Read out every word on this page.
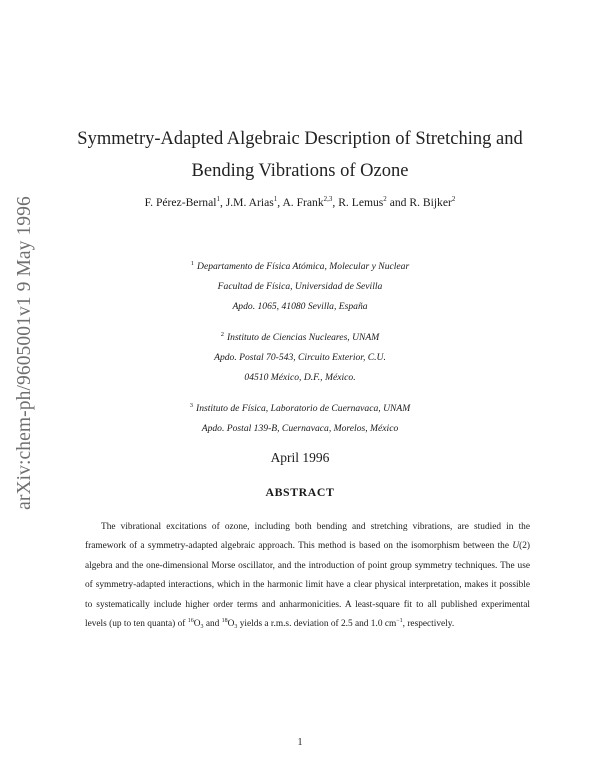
arXiv:chem-ph/9605001v1 9 May 1996
Symmetry-Adapted Algebraic Description of Stretching and
Bending Vibrations of Ozone
F. Pérez-Bernal$^1$, J.M. Arias$^1$, A. Frank$^{2,3}$, R. Lemus$^2$ and R. Bijker$^2$
$^1$ Departamento de Física Atómica, Molecular y Nuclear
Facultad de Física, Universidad de Sevilla
Apdo. 1065, 41080 Sevilla, España
$^2$ Instituto de Ciencias Nucleares, UNAM
Apdo. Postal 70-543, Circuito Exterior, C.U.
04510 México, D.F., México.
$^3$ Instituto de Física, Laboratorio de Cuernavaca, UNAM
Apdo. Postal 139-B, Cuernavaca, Morelos, México
April 1996
ABSTRACT
The vibrational excitations of ozone, including both bending and stretching vibrations, are studied in the framework of a symmetry-adapted algebraic approach. This method is based on the isomorphism between the U(2) algebra and the one-dimensional Morse oscillator, and the introduction of point group symmetry techniques. The use of symmetry-adapted interactions, which in the harmonic limit have a clear physical interpretation, makes it possible to systematically include higher order terms and anharmonicities. A least-square fit to all published experimental levels (up to ten quanta) of $^{16}O_3$ and $^{18}O_3$ yields a r.m.s. deviation of 2.5 and 1.0 $cm^{-1}$, respectively.
1
